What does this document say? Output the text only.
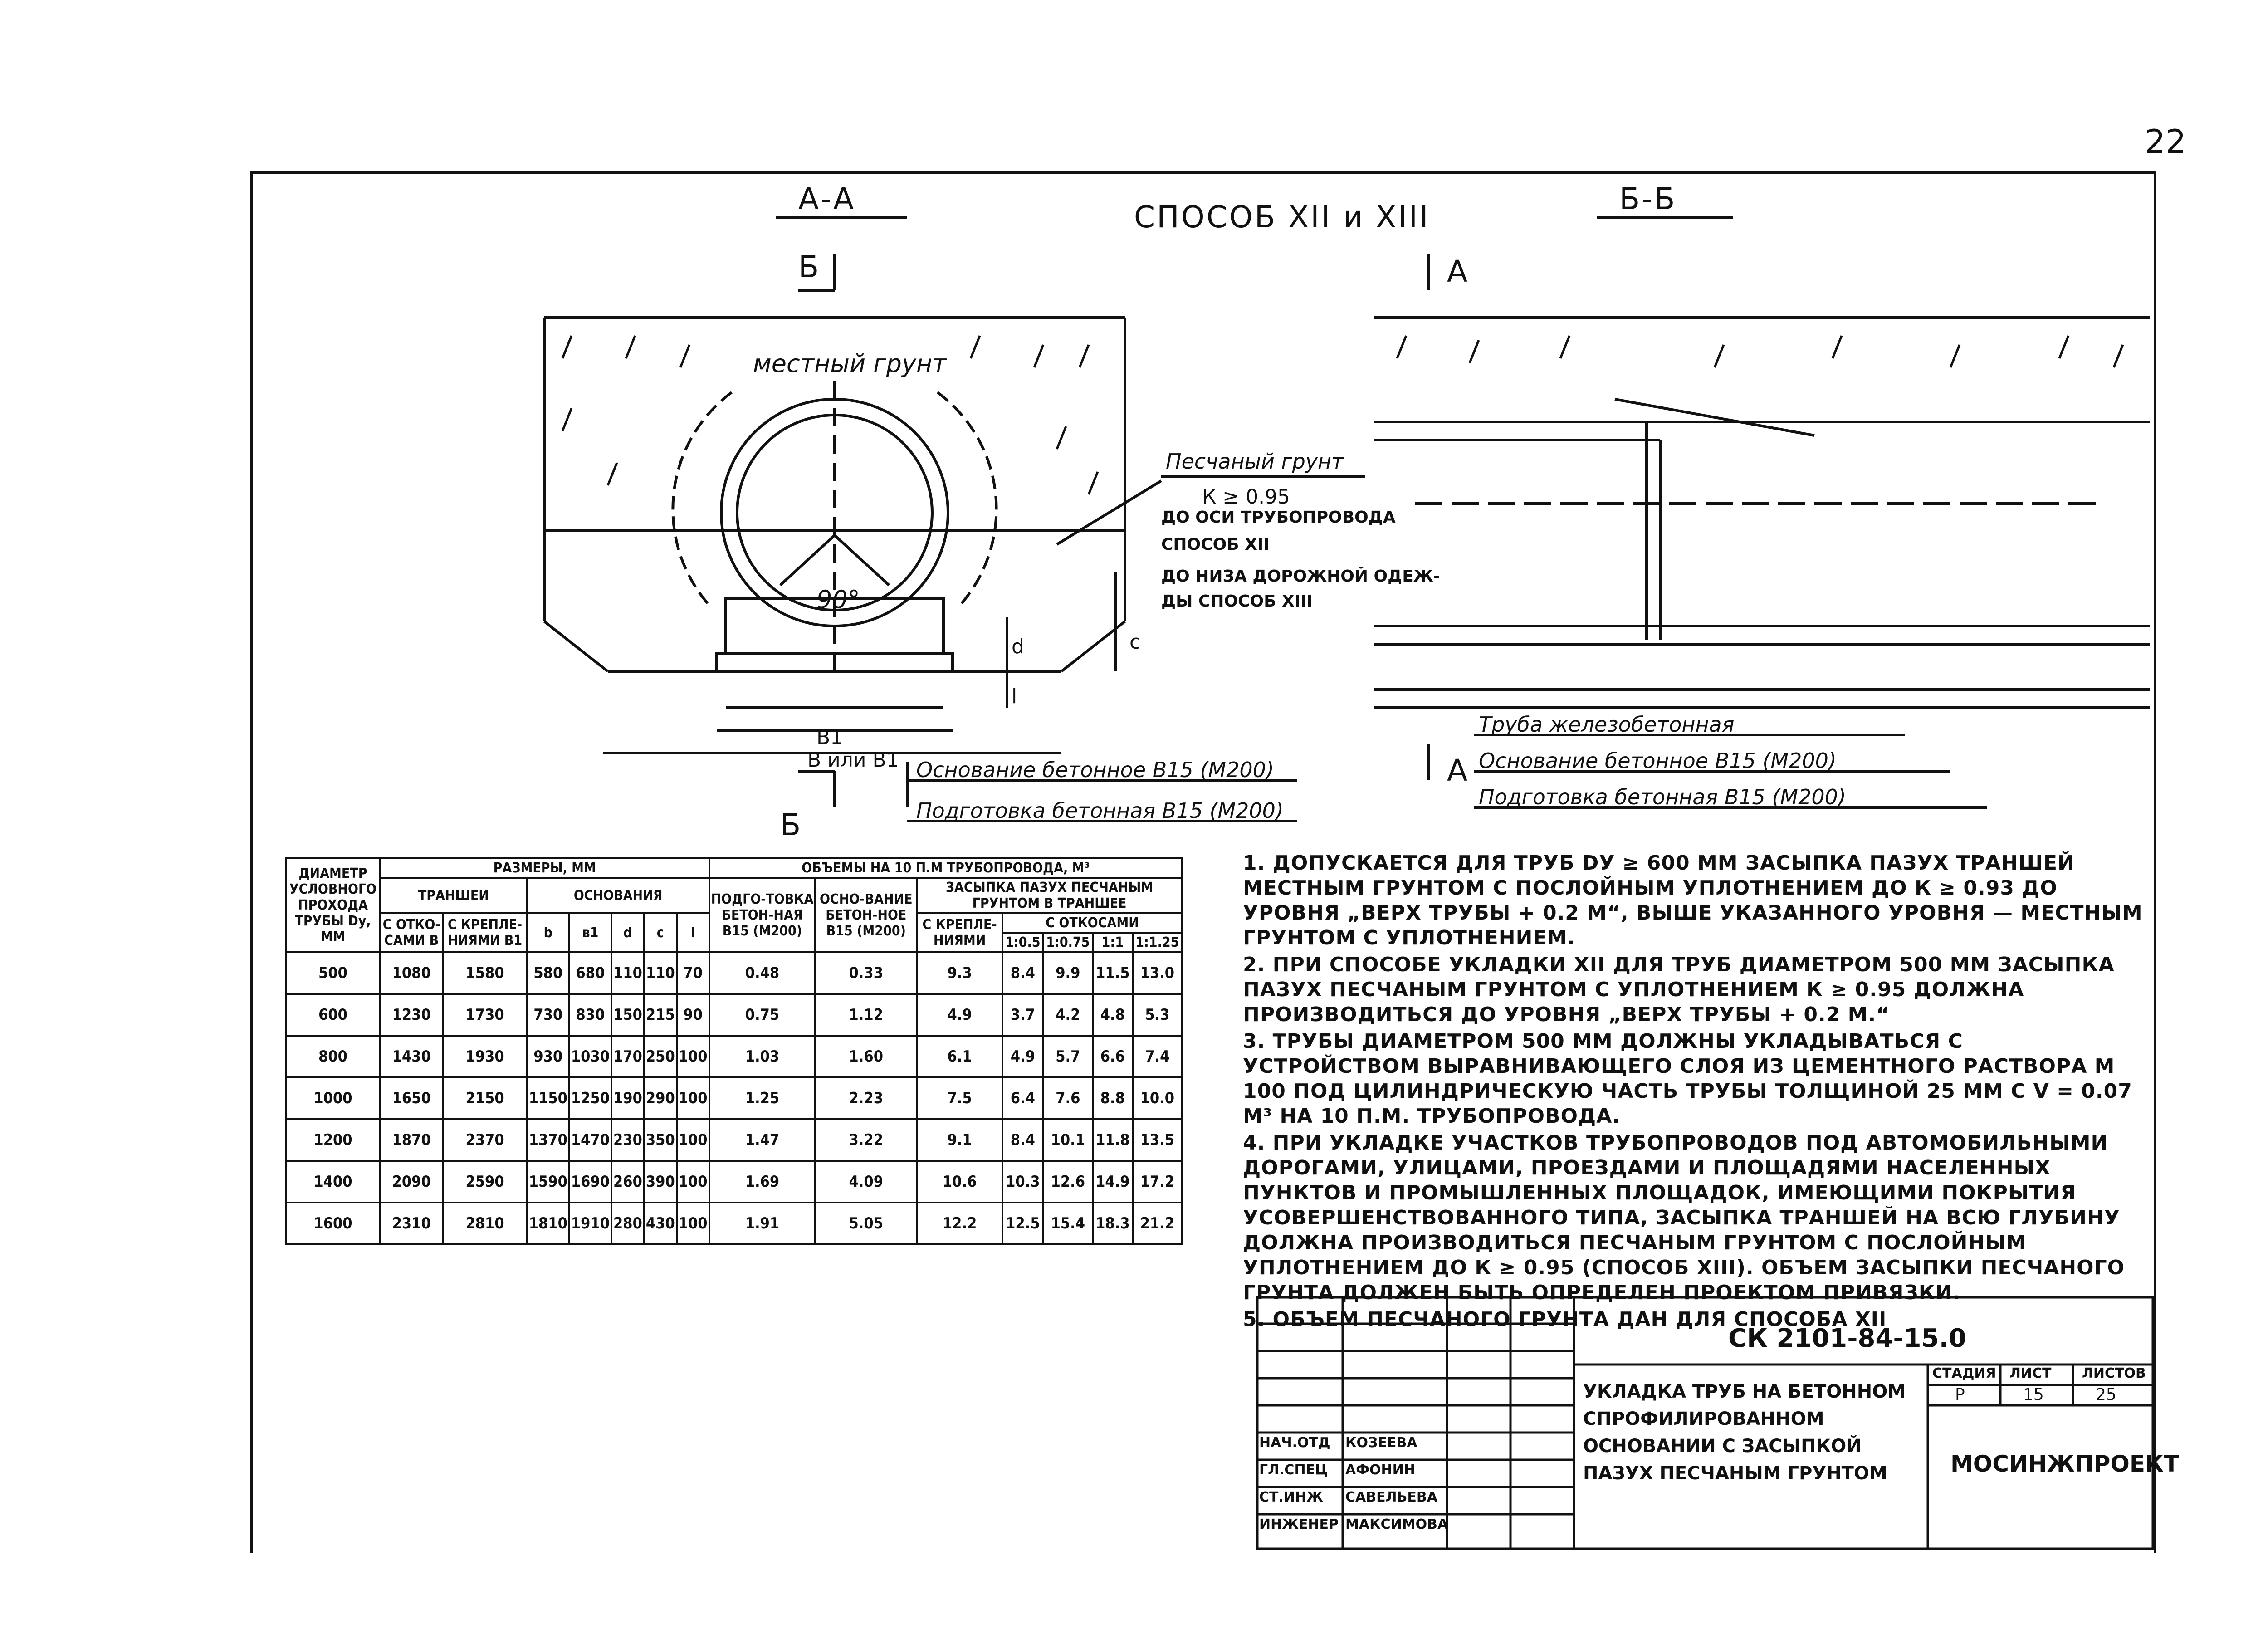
22
А-А
СПОСОБ XII и XIII
Б-Б
Б
Б
А
А
местный грунт
90°
B1
B или B1
d	c
l
Песчаный грунт
К ≥ 0.95
ДО ОСИ ТРУБОПРОВОДА
СПОСОБ XII
ДО НИЗА ДОРОЖНОЙ ОДЕЖ-
ДЫ СПОСОБ XIII
Основание бетонное B15 (М200)
Подготовка бетонная B15 (М200)
Труба железобетонная
Основание бетонное B15 (М200)
Подготовка бетонная B15 (М200)
ДИАМЕТР УСЛОВНОГО ПРОХОДА ТРУБЫ Dу, ММ	РАЗМЕРЫ, ММ							ОБЪЕМЫ НА 10 П.М ТРУБОПРОВОДА, М³						
	ТРАНШЕИ		ОСНОВАНИЯ					ПОДГО-ТОВКА БЕТОН-НАЯ B15 (М200)	ОСНО-ВАНИЕ БЕТОН-НОЕ B15 (М200)	ЗАСЫПКА ПАЗУХ ПЕСЧАНЫМ ГРУНТОМ В ТРАНШЕЕ				
	С ОТКО-САМИ B	С КРЕПЛЕ-НИЯМИ B1	b	в1	d	c	l			С КРЕПЛЕ-НИЯМИ	С ОТКОСАМИ			
											1:0.5	1:0.75	1:1	1:1.25
500	1080	1580	580	680	110	110	70	0.48	0.33	9.3	8.4	9.9	11.5	13.0
600	1230	1730	730	830	150	215	90	0.75	1.12	4.9	3.7	4.2	4.8	5.3
800	1430	1930	930	1030	170	250	100	1.03	1.60	6.1	4.9	5.7	6.6	7.4
1000	1650	2150	1150	1250	190	290	100	1.25	2.23	7.5	6.4	7.6	8.8	10.0
1200	1870	2370	1370	1470	230	350	100	1.47	3.22	9.1	8.4	10.1	11.8	13.5
1400	2090	2590	1590	1690	260	390	100	1.69	4.09	10.6	10.3	12.6	14.9	17.2
1600	2310	2810	1810	1910	280	430	100	1.91	5.05	12.2	12.5	15.4	18.3	21.2

1. ДОПУСКАЕТСЯ ДЛЯ ТРУБ DУ ≥ 600 ММ ЗАСЫПКА ПАЗУХ ТРАНШЕЙ МЕСТНЫМ ГРУНТОМ С ПОСЛОЙНЫМ УПЛОТНЕНИЕМ ДО К ≥ 0.93 ДО УРОВНЯ „ВЕРХ ТРУБЫ + 0.2 М“, ВЫШЕ УКАЗАННОГО УРОВНЯ — МЕСТНЫМ ГРУНТОМ С УПЛОТНЕНИЕМ.

2. ПРИ СПОСОБЕ УКЛАДКИ XII ДЛЯ ТРУБ ДИАМЕТРОМ 500 ММ ЗАСЫПКА ПАЗУХ ПЕСЧАНЫМ ГРУНТОМ С УПЛОТНЕНИЕМ К ≥ 0.95 ДОЛЖНА ПРОИЗВОДИТЬСЯ ДО УРОВНЯ „ВЕРХ ТРУБЫ + 0.2 М.“

3. ТРУБЫ ДИАМЕТРОМ 500 ММ ДОЛЖНЫ УКЛАДЫВАТЬСЯ С УСТРОЙСТВОМ ВЫРАВНИВАЮЩЕГО СЛОЯ ИЗ ЦЕМЕНТНОГО РАСТВОРА М 100 ПОД ЦИЛИНДРИЧЕСКУЮ ЧАСТЬ ТРУБЫ ТОЛЩИНОЙ 25 ММ С V = 0.07 М³ НА 10 П.М. ТРУБОПРОВОДА.

4. ПРИ УКЛАДКЕ УЧАСТКОВ ТРУБОПРОВОДОВ ПОД АВТОМОБИЛЬНЫМИ ДОРОГАМИ, УЛИЦАМИ, ПРОЕЗДАМИ И ПЛОЩАДЯМИ НАСЕЛЕННЫХ ПУНКТОВ И ПРОМЫШЛЕННЫХ ПЛОЩАДОК, ИМЕЮЩИМИ ПОКРЫТИЯ УСОВЕРШЕНСТВОВАННОГО ТИПА, ЗАСЫПКА ТРАНШЕЙ НА ВСЮ ГЛУБИНУ ДОЛЖНА ПРОИЗВОДИТЬСЯ ПЕСЧАНЫМ ГРУНТОМ С ПОСЛОЙНЫМ УПЛОТНЕНИЕМ ДО К ≥ 0.95 (СПОСОБ XIII). ОБЪЕМ ЗАСЫПКИ ПЕСЧАНОГО ГРУНТА ДОЛЖЕН БЫТЬ ОПРЕДЕЛЕН ПРОЕКТОМ ПРИВЯЗКИ.

5. ОБЪЕМ ПЕСЧАНОГО ГРУНТА ДАН ДЛЯ СПОСОБА XII

СК 2101-84-15.0
УКЛАДКА ТРУБ НА БЕТОННОМ СПРОФИЛИРОВАННОМ ОСНОВАНИИ С ЗАСЫПКОЙ ПАЗУХ ПЕСЧАНЫМ ГРУНТОМ
СТАДИЯ ЛИСТ ЛИСТОВ
Р	15	25
МОСИНЖПРОЕКТ
НАЧ.ОТД КОЗЕЕВА
ГЛ.СПЕЦ АФОНИН
СТ.ИНЖ САВЕЛЬЕВА
ИНЖЕНЕР МАКСИМОВА
